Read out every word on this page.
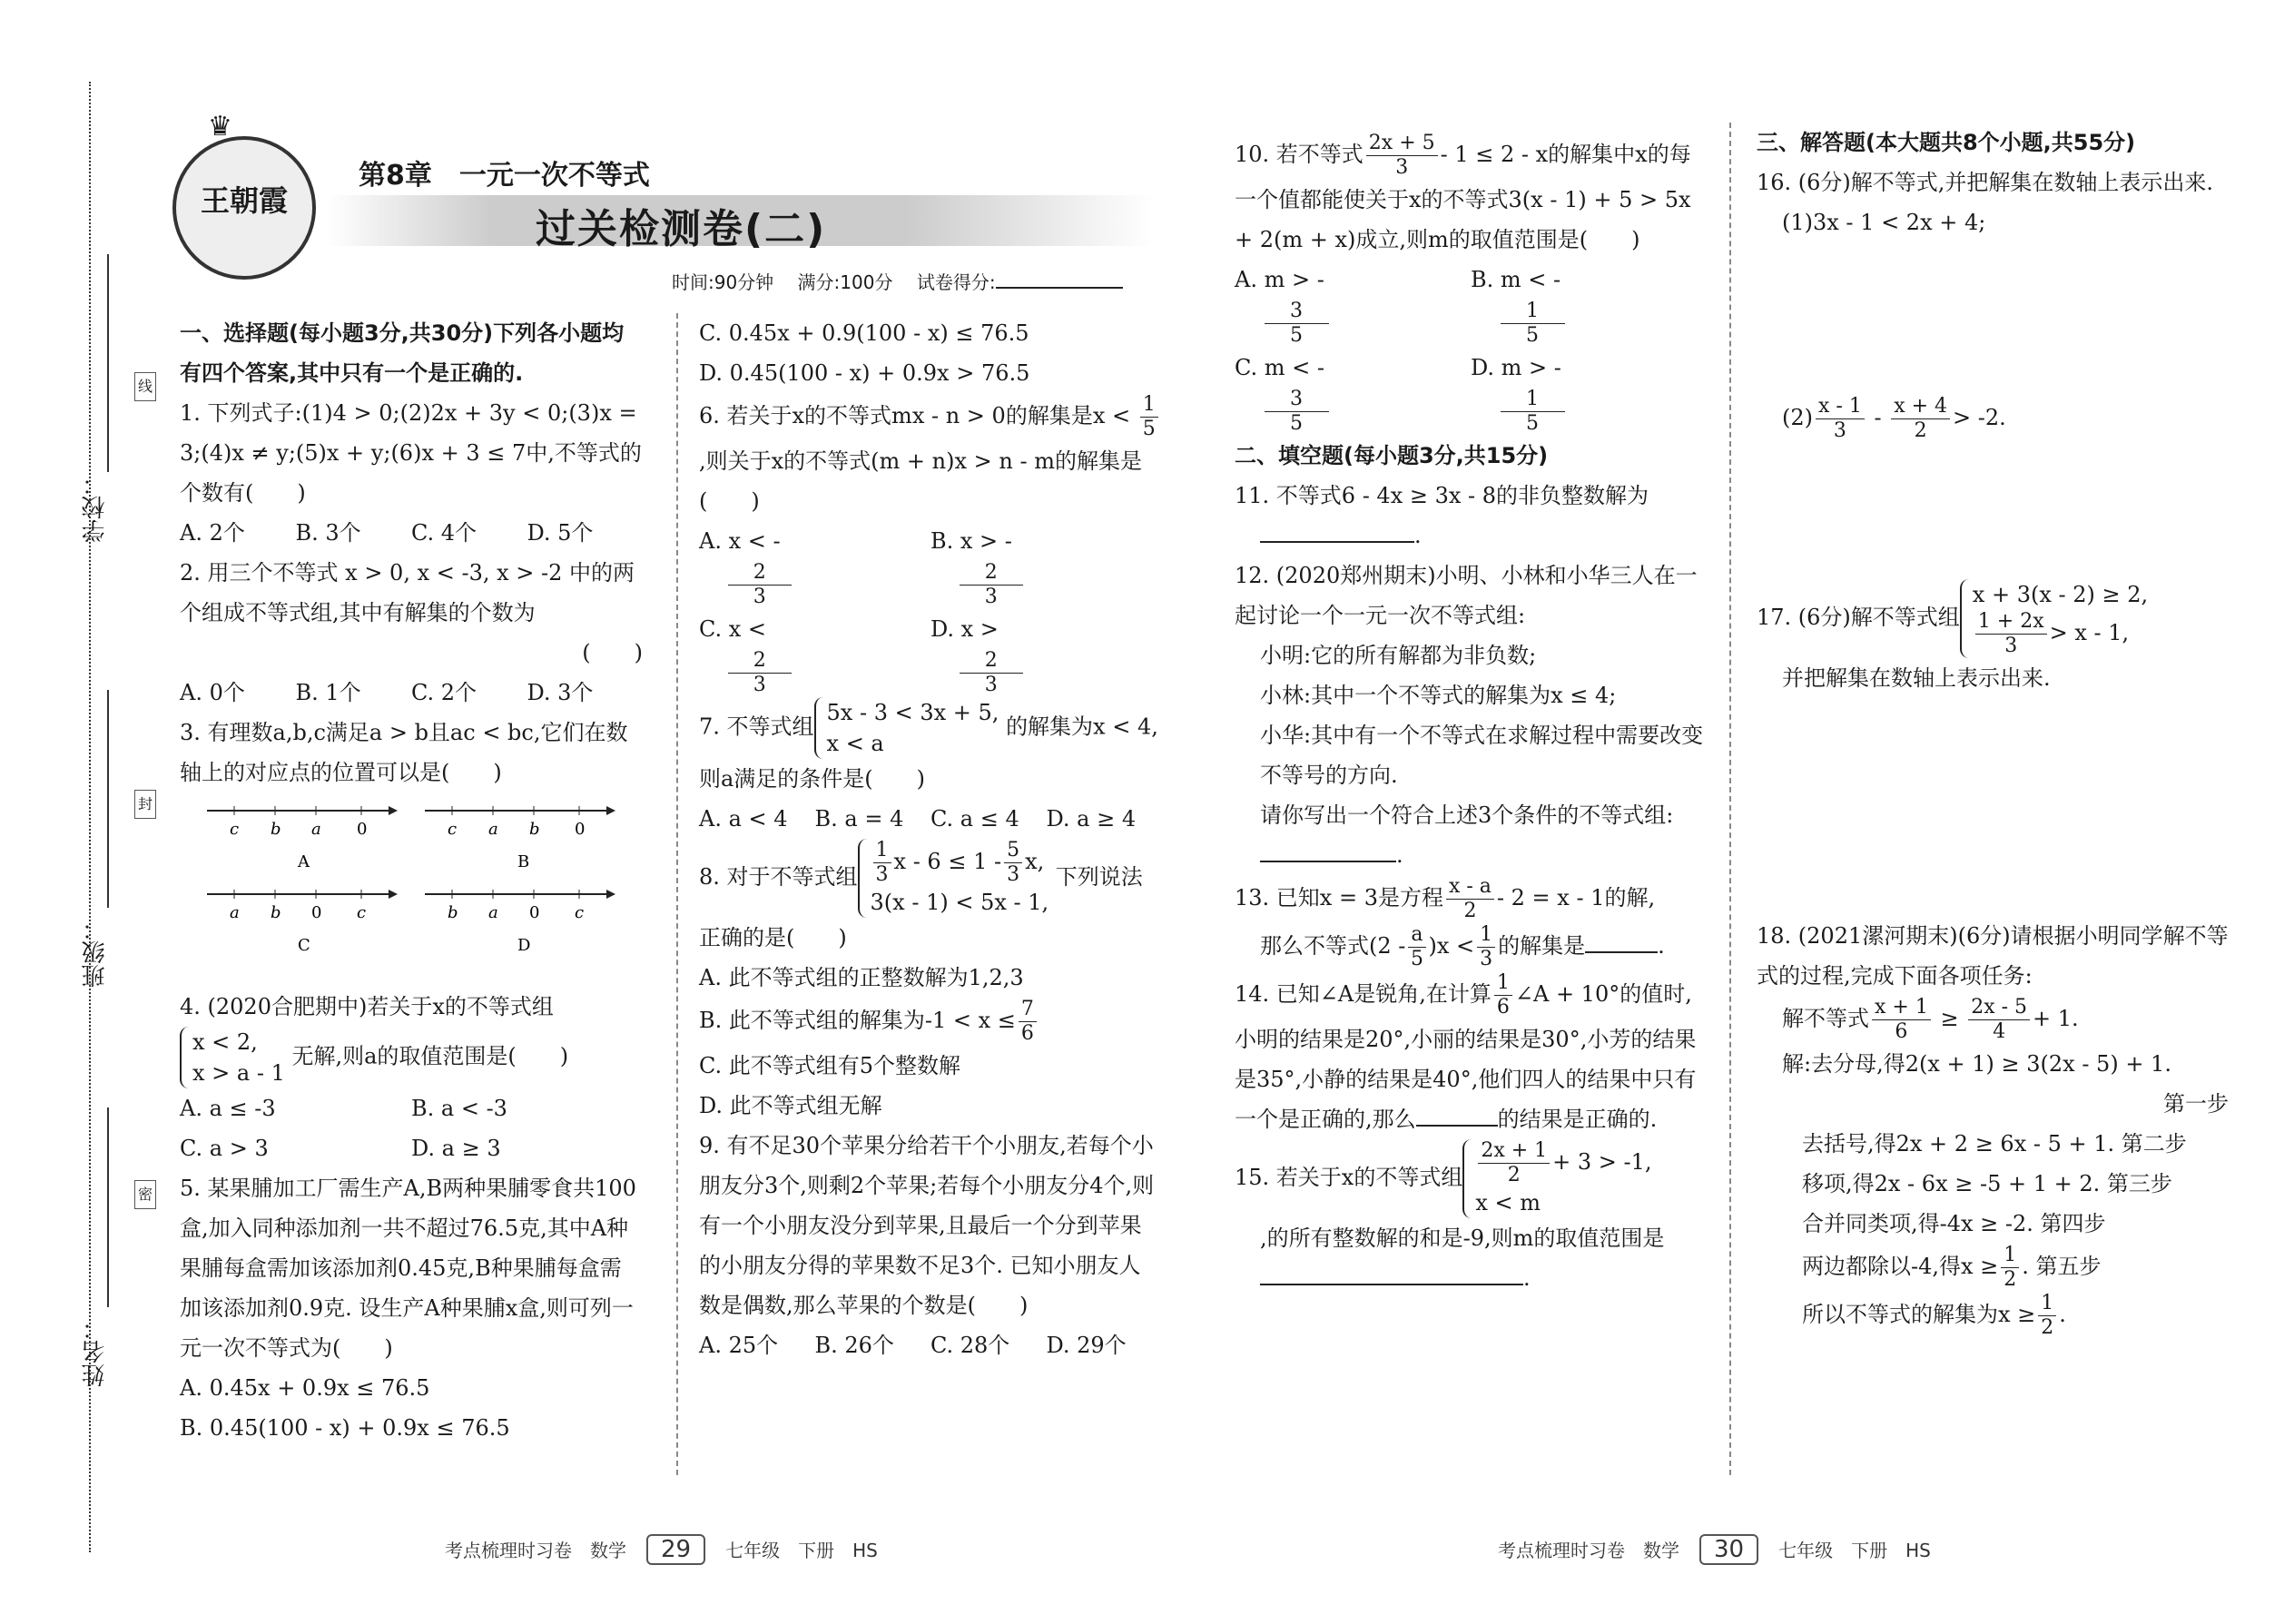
学校：
班级：
姓名：
线
封
密
♛
王朝霞
第8章　一元一次不等式
过关检测卷(二)
时间:90分钟　 满分:100分　 试卷得分:

一、选择题(每小题3分,共30分)下列各小题均有四个答案,其中只有一个是正确的.

1. 下列式子:(1)4 > 0;(2)2x + 3y < 0;(3)x = 3;(4)x ≠ y;(5)x + y;(6)x + 3 ≤ 7中,不等式的个数有(　　)

A. 2个	B. 3个	C. 4个	D. 5个

2. 用三个不等式 x > 0, x < -3, x > -2 中的两个组成不等式组,其中有解集的个数为

(　　)

A. 0个	B. 1个	C. 2个	D. 3个

3. 有理数a,b,c满足a > b且ac < bc,它们在数轴上的对应点的位置可以是(　　)

c b a 0
A
c a b 0
B
a b 0 c
C
b a 0 c
D

4. (2020合肥期中)若关于x的不等式组

x < 2,
x > a - 1
无解,则a的取值范围是(　　)

A. a ≤ -3	B. a < -3
C. a > 3	D. a ≥ 3

5. 某果脯加工厂需生产A,B两种果脯零食共100盒,加入同种添加剂一共不超过76.5克,其中A种果脯每盒需加该添加剂0.45克,B种果脯每盒需加该添加剂0.9克. 设生产A种果脯x盒,则可列一元一次不等式为(　　)

A. 0.45x + 0.9x ≤ 76.5

B. 0.45(100 - x) + 0.9x ≤ 76.5

C. 0.45x + 0.9(100 - x) ≤ 76.5

D. 0.45(100 - x) + 0.9x > 76.5

6. 若关于x的不等式mx - n > 0的解集是$x < \frac{1}{5}$
,则关于x的不等式(m + n)x > n - m的解集是(　　)

A. $x < -\frac{2}{3}$
B. $x > -\frac{2}{3}$
C. $x <\frac{2}{3}$
D. $x >\frac{2}{3}$

7. 不等式组
5x - 3 < 3x + 5,
x < a
的解集为x < 4,则a满足的条件是(　　)

A. a < 4	B. a = 4	C. a ≤ 4	D. a ≥ 4

8. 对于不等式组 $\frac{1}{3}$ $x - 6 \le 1 - \frac{5}{3} x$,
3(x - 1) < 5x - 1,
下列说法正确的是(　　)

A. 此不等式组的正整数解为1,2,3

B. 此不等式组的解集为$-1 < x \le \frac{7}{6}$

C. 此不等式组有5个整数解

D. 此不等式组无解

9. 有不足30个苹果分给若干个小朋友,若每个小朋友分3个,则剩2个苹果;若每个小朋友分4个,则有一个小朋友没分到苹果,且最后一个分到苹果的小朋友分得的苹果数不足3个. 已知小朋友人数是偶数,那么苹果的个数是(　　)

A. 25个	B. 26个	C. 28个	D. 29个
考点梳理时习卷　数学 29 七年级　下册　HS

10. 若不等式 $\frac{2x + 5}{3} - 1 \le 2 - x$的解集中x的每一个值都能使关于x的不等式3(x - 1) + 5 > 5x + 2(m + x)成立,则m的取值范围是(　　)

A. $m > -\frac{3}{5}$
B. $m < -\frac{1}{5}$
C. $m < -\frac{3}{5}$
D. $m > -\frac{1}{5}$

二、填空题(每小题3分,共15分)

11. 不等式6 - 4x ≥ 3x - 8的非负整数解为

.

12. (2020郑州期末)小明、小林和小华三人在一起讨论一个一元一次不等式组:

小明:它的所有解都为非负数;

小林:其中一个不等式的解集为x ≤ 4;

小华:其中有一个不等式在求解过程中需要改变不等号的方向.

请你写出一个符合上述3个条件的不等式组:.

13. 已知x = 3是方程 $\frac{x - a}{2} - 2 = x - 1$的解,

那么不等式$(2 - \frac{a}{5} )x < \frac{1}{3}$ 的解集是	.

14. 已知∠A是锐角,在计算 $\frac{1}{6}$ ∠A + 10°的值时,小明的结果是20°,小丽的结果是30°,小芳的结果是35°,小静的结果是40°,他们四人的结果中只有一个是正确的,那么	的结果是正确的.

15. 若关于x的不等式组 $\frac{2x + 1}{2} + 3 > -1$,
x < m

,的所有整数解的和是-9,则m的取值范围是

.

三、解答题(本大题共8个小题,共55分)

16. (6分)解不等式,并把解集在数轴上表示出来.

(1)3x - 1 < 2x + 4;

$(2) \frac{x - 1}{3} - \frac{x + 4}{2} > -2$.

17. (6分)解不等式组
x + 3(x - 2) ≥ 2,
$\frac{1 + 2x}{3} > x - 1$,

并把解集在数轴上表示出来.

18. (2021漯河期末)(6分)请根据小明同学解不等式的过程,完成下面各项任务:

解不等式 $\frac{x + 1}{6} \ge \frac{2x - 5}{4} + 1$.

解:去分母,得2(x + 1) ≥ 3(2x - 5) + 1.

第一步

去括号,得2x + 2 ≥ 6x - 5 + 1. 第二步

移项,得2x - 6x ≥ -5 + 1 + 2. 第三步

合并同类项,得-4x ≥ -2. 第四步

两边都除以-4,得$x \ge \frac{1}{2}$ . 第五步

所以不等式的解集为$x \ge \frac{1}{2}$ .

考点梳理时习卷　数学 30 七年级　下册　HS
